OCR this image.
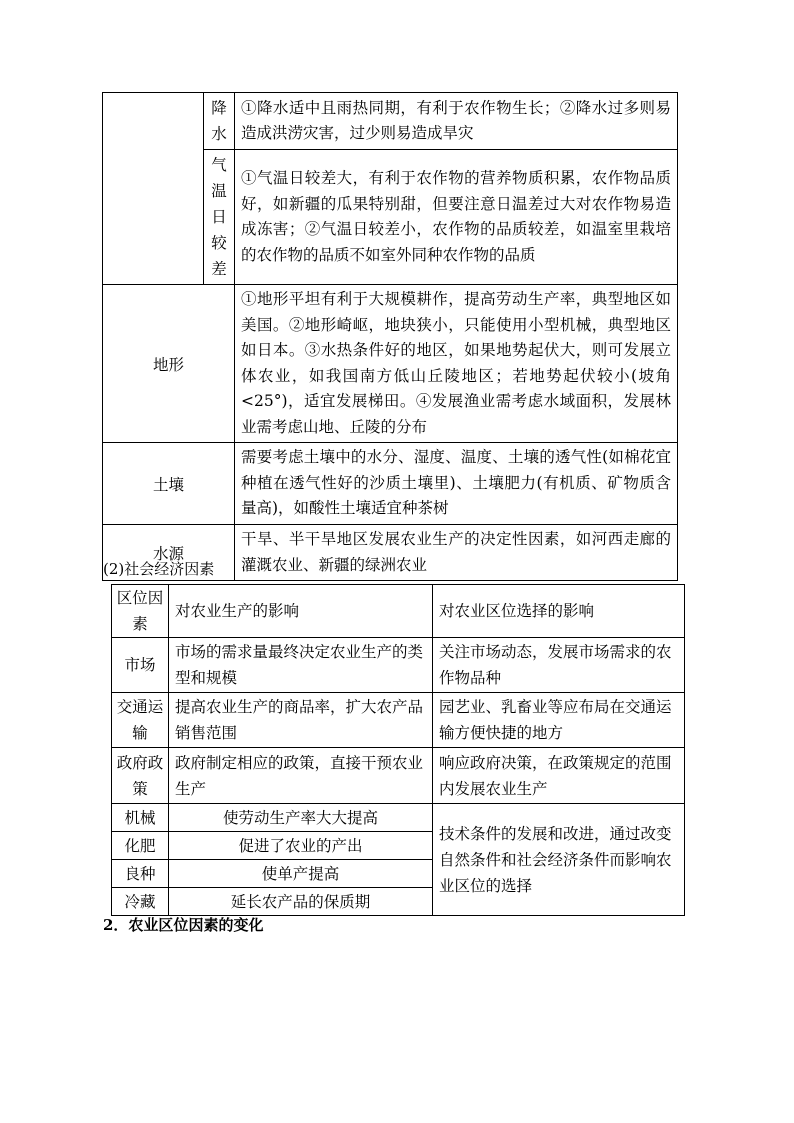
	降
水	①降水适中且雨热同期，有利于农作物生长；②降水过多则易造成洪涝灾害，过少则易造成旱灾

	气
温
日
较
差	①气温日较差大，有利于农作物的营养物质积累，农作物品质好，如新疆的瓜果特别甜，但要注意日温差过大对农作物易造成冻害；②气温日较差小，农作物的品质较差，如温室里栽培的农作物的品质不如室外同种农作物的品质
地形		①地形平坦有利于大规模耕作，提高劳动生产率，典型地区如美国。②地形崎岖，地块狭小，只能使用小型机械，典型地区如日本。③水热条件好的地区，如果地势起伏大，则可发展立体农业，如我国南方低山丘陵地区；若地势起伏较小(坡角<25°)，适宜发展梯田。④发展渔业需考虑水域面积，发展林业需考虑山地、丘陵的分布
土壤		需要考虑土壤中的水分、湿度、温度、土壤的透气性(如棉花宜种植在透气性好的沙质土壤里)、土壤肥力(有机质、矿物质含量高)，如酸性土壤适宜种茶树
水源		干旱、半干旱地区发展农业生产的决定性因素，如河西走廊的灌溉农业、新疆的绿洲农业
(2)社会经济因素
区位因素	对农业生产的影响	对农业区位选择的影响
市场	市场的需求量最终决定农业生产的类型和规模	关注市场动态，发展市场需求的农作物品种
交通运输	提高农业生产的商品率，扩大农产品销售范围	园艺业、乳畜业等应布局在交通运输方便快捷的地方
政府政策	政府制定相应的政策，直接干预农业生产	响应政府决策，在政策规定的范围内发展农业生产
机械	使劳动生产率大大提高	技术条件的发展和改进，通过改变自然条件和社会经济条件而影响农业区位的选择
化肥	促进了农业的产出	
良种	使单产提高	
冷藏	延长农产品的保质期	
2．农业区位因素的变化
